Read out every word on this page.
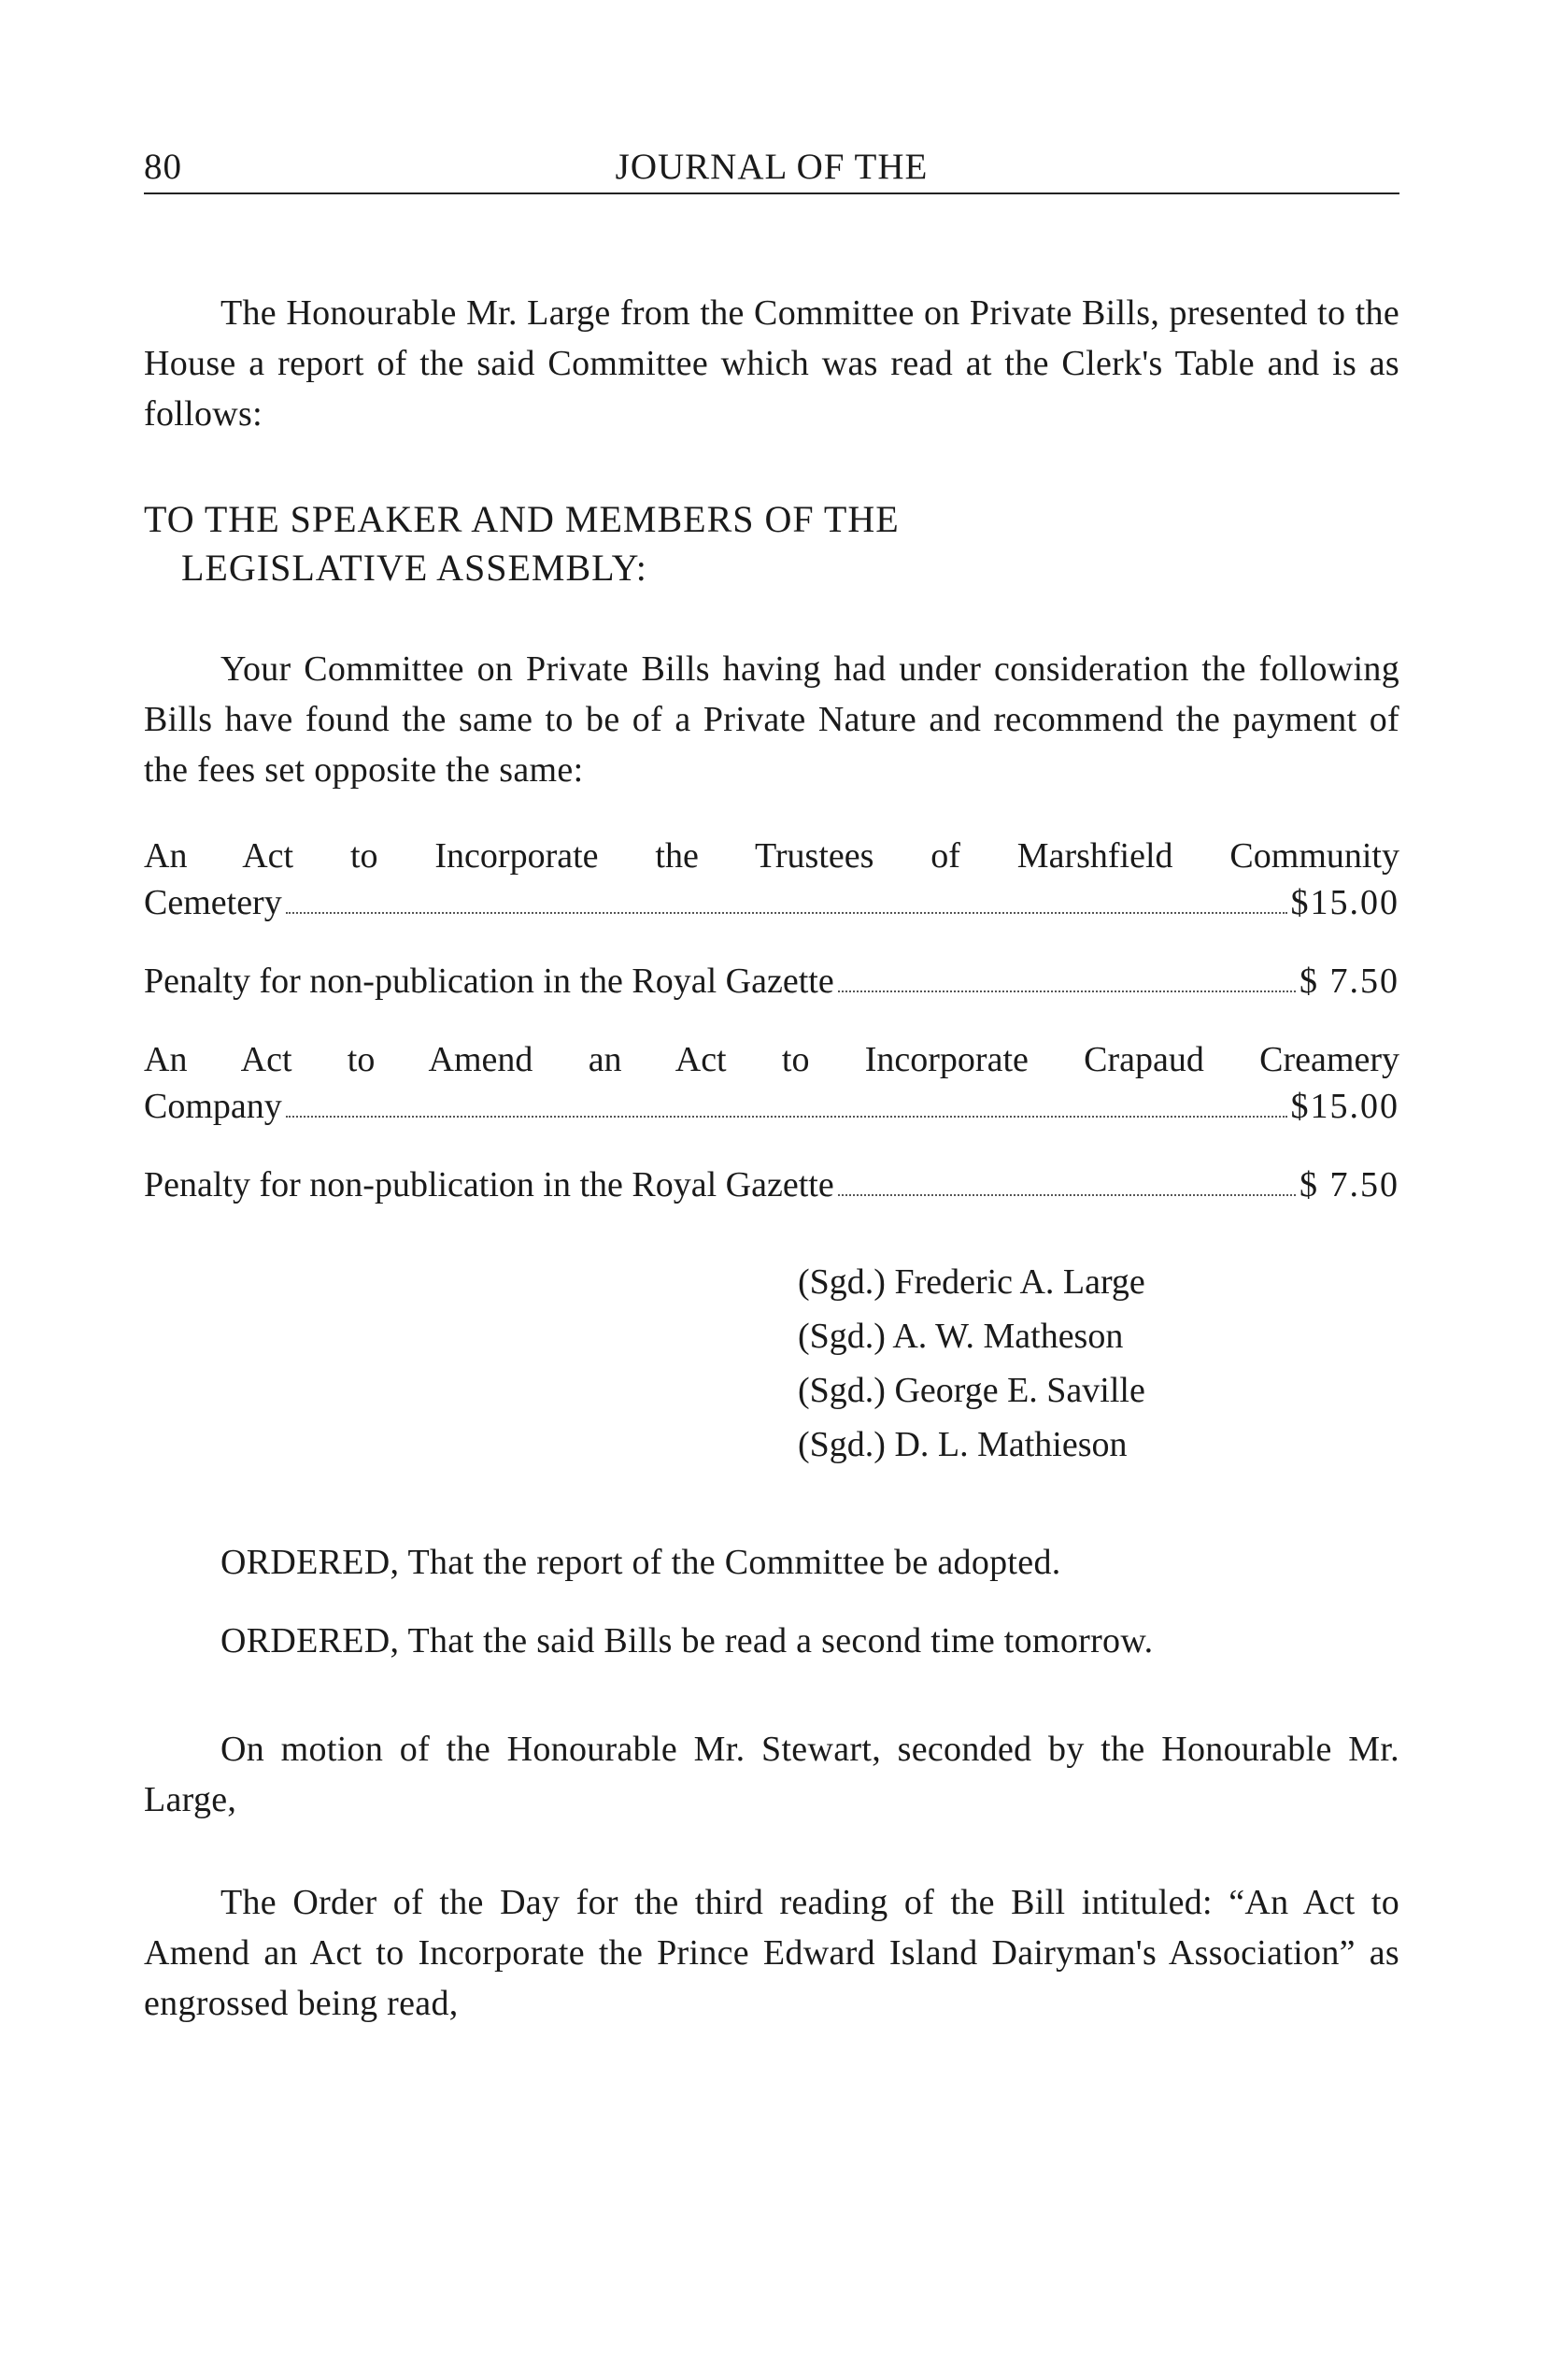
80	JOURNAL OF THE

The Honourable Mr. Large from the Committee on Private Bills, presented to the House a report of the said Committee which was read at the Clerk's Table and is as follows:

TO THE SPEAKER AND MEMBERS OF THE
LEGISLATIVE ASSEMBLY:

Your Committee on Private Bills having had under consideration the following Bills have found the same to be of a Private Nature and recommend the payment of the fees set opposite the same:

An Act to Incorporate the Trustees of Marshfield Community
Cemetery	$15.00
Penalty for non-publication in the Royal Gazette	$ 7.50
An Act to Amend an Act to Incorporate Crapaud Creamery
Company	$15.00
Penalty for non-publication in the Royal Gazette	$ 7.50
(Sgd.) Frederic A. Large
(Sgd.) A. W. Matheson
(Sgd.) George E. Saville
(Sgd.) D. L. Mathieson

ORDERED, That the report of the Committee be adopted.

ORDERED, That the said Bills be read a second time tomorrow.

On motion of the Honourable Mr. Stewart, seconded by the Honourable Mr. Large,

The Order of the Day for the third reading of the Bill intituled: “An Act to Amend an Act to Incorporate the Prince Edward Island Dairyman's Association” as engrossed being read,
